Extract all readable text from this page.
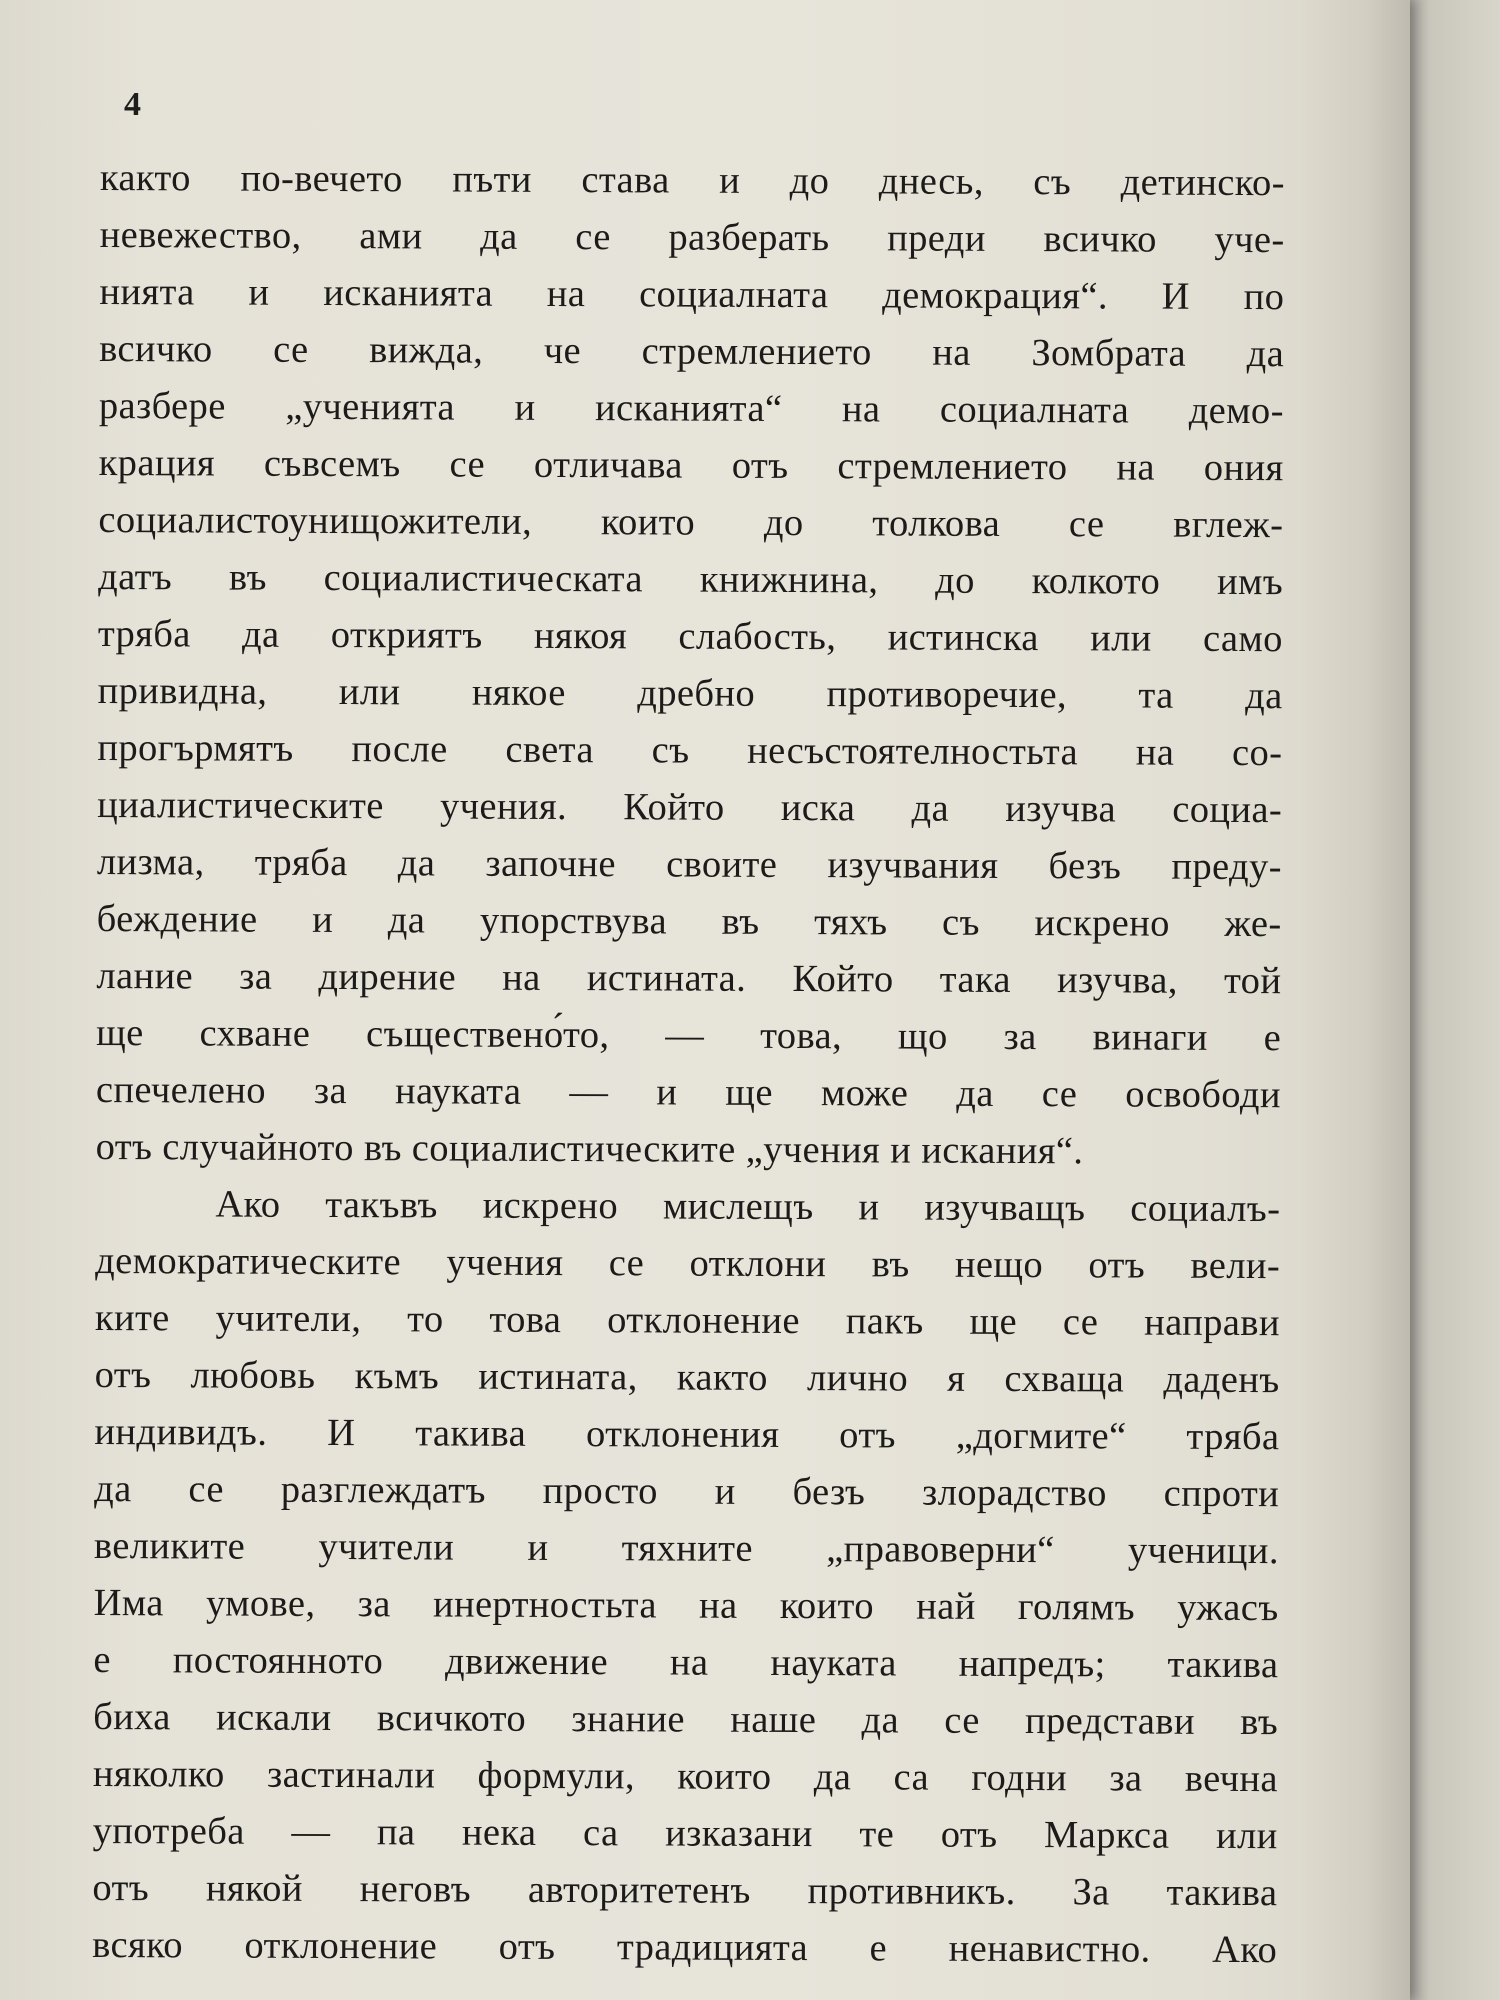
4
както по-вечето пъти става и до днесь, съ детинско-
невежество, ами да се разберать преди всичко уче-
нията и исканията на социалната демокрация“. И по
всичко се вижда, че стремлението на Зомбрата да
разбере „ученията и исканията“ на социалната демо-
крация съвсемъ се отличава отъ стремлението на ония
социалистоунищожители, които до толкова се вглеж-
датъ въ социалистическата книжнина, до колкото имъ
тряба да откриятъ някоя слабость, истинска или само
привидна, или някое дребно противоречие, та да
прогърмятъ после света съ несъстоятелностьта на со-
циалистическите учения. Който иска да изучва социа-
лизма, тряба да започне своите изучвания безъ преду-
беждение и да упорствува въ тяхъ съ искрено же-
лание за дирение на истината. Който така изучва, той
ще схване съществено́то, — това, що за винаги е
спечелено за науката — и ще може да се освободи
отъ случайното въ социалистическите „учения и искания“.
Ако такъвъ искрено мислещъ и изучващъ социалъ-
демократическите учения се отклони въ нещо отъ вели-
ките учители, то това отклонение пакъ ще се направи
отъ любовь къмъ истината, както лично я схваща даденъ
индивидъ. И такива отклонения отъ „догмите“ тряба
да се разглеждатъ просто и безъ злорадство спроти
великите учители и тяхните „правоверни“ ученици.
Има умове, за инертностьта на които най голямъ ужасъ
е постоянното движение на науката напредъ; такива
биха искали всичкото знание наше да се представи въ
няколко застинали формули, които да са годни за вечна
употреба — па нека са изказани те отъ Маркса или
отъ някой неговъ авторитетенъ противникъ. За такива
всяко отклонение отъ традицията е ненавистно. Ако
